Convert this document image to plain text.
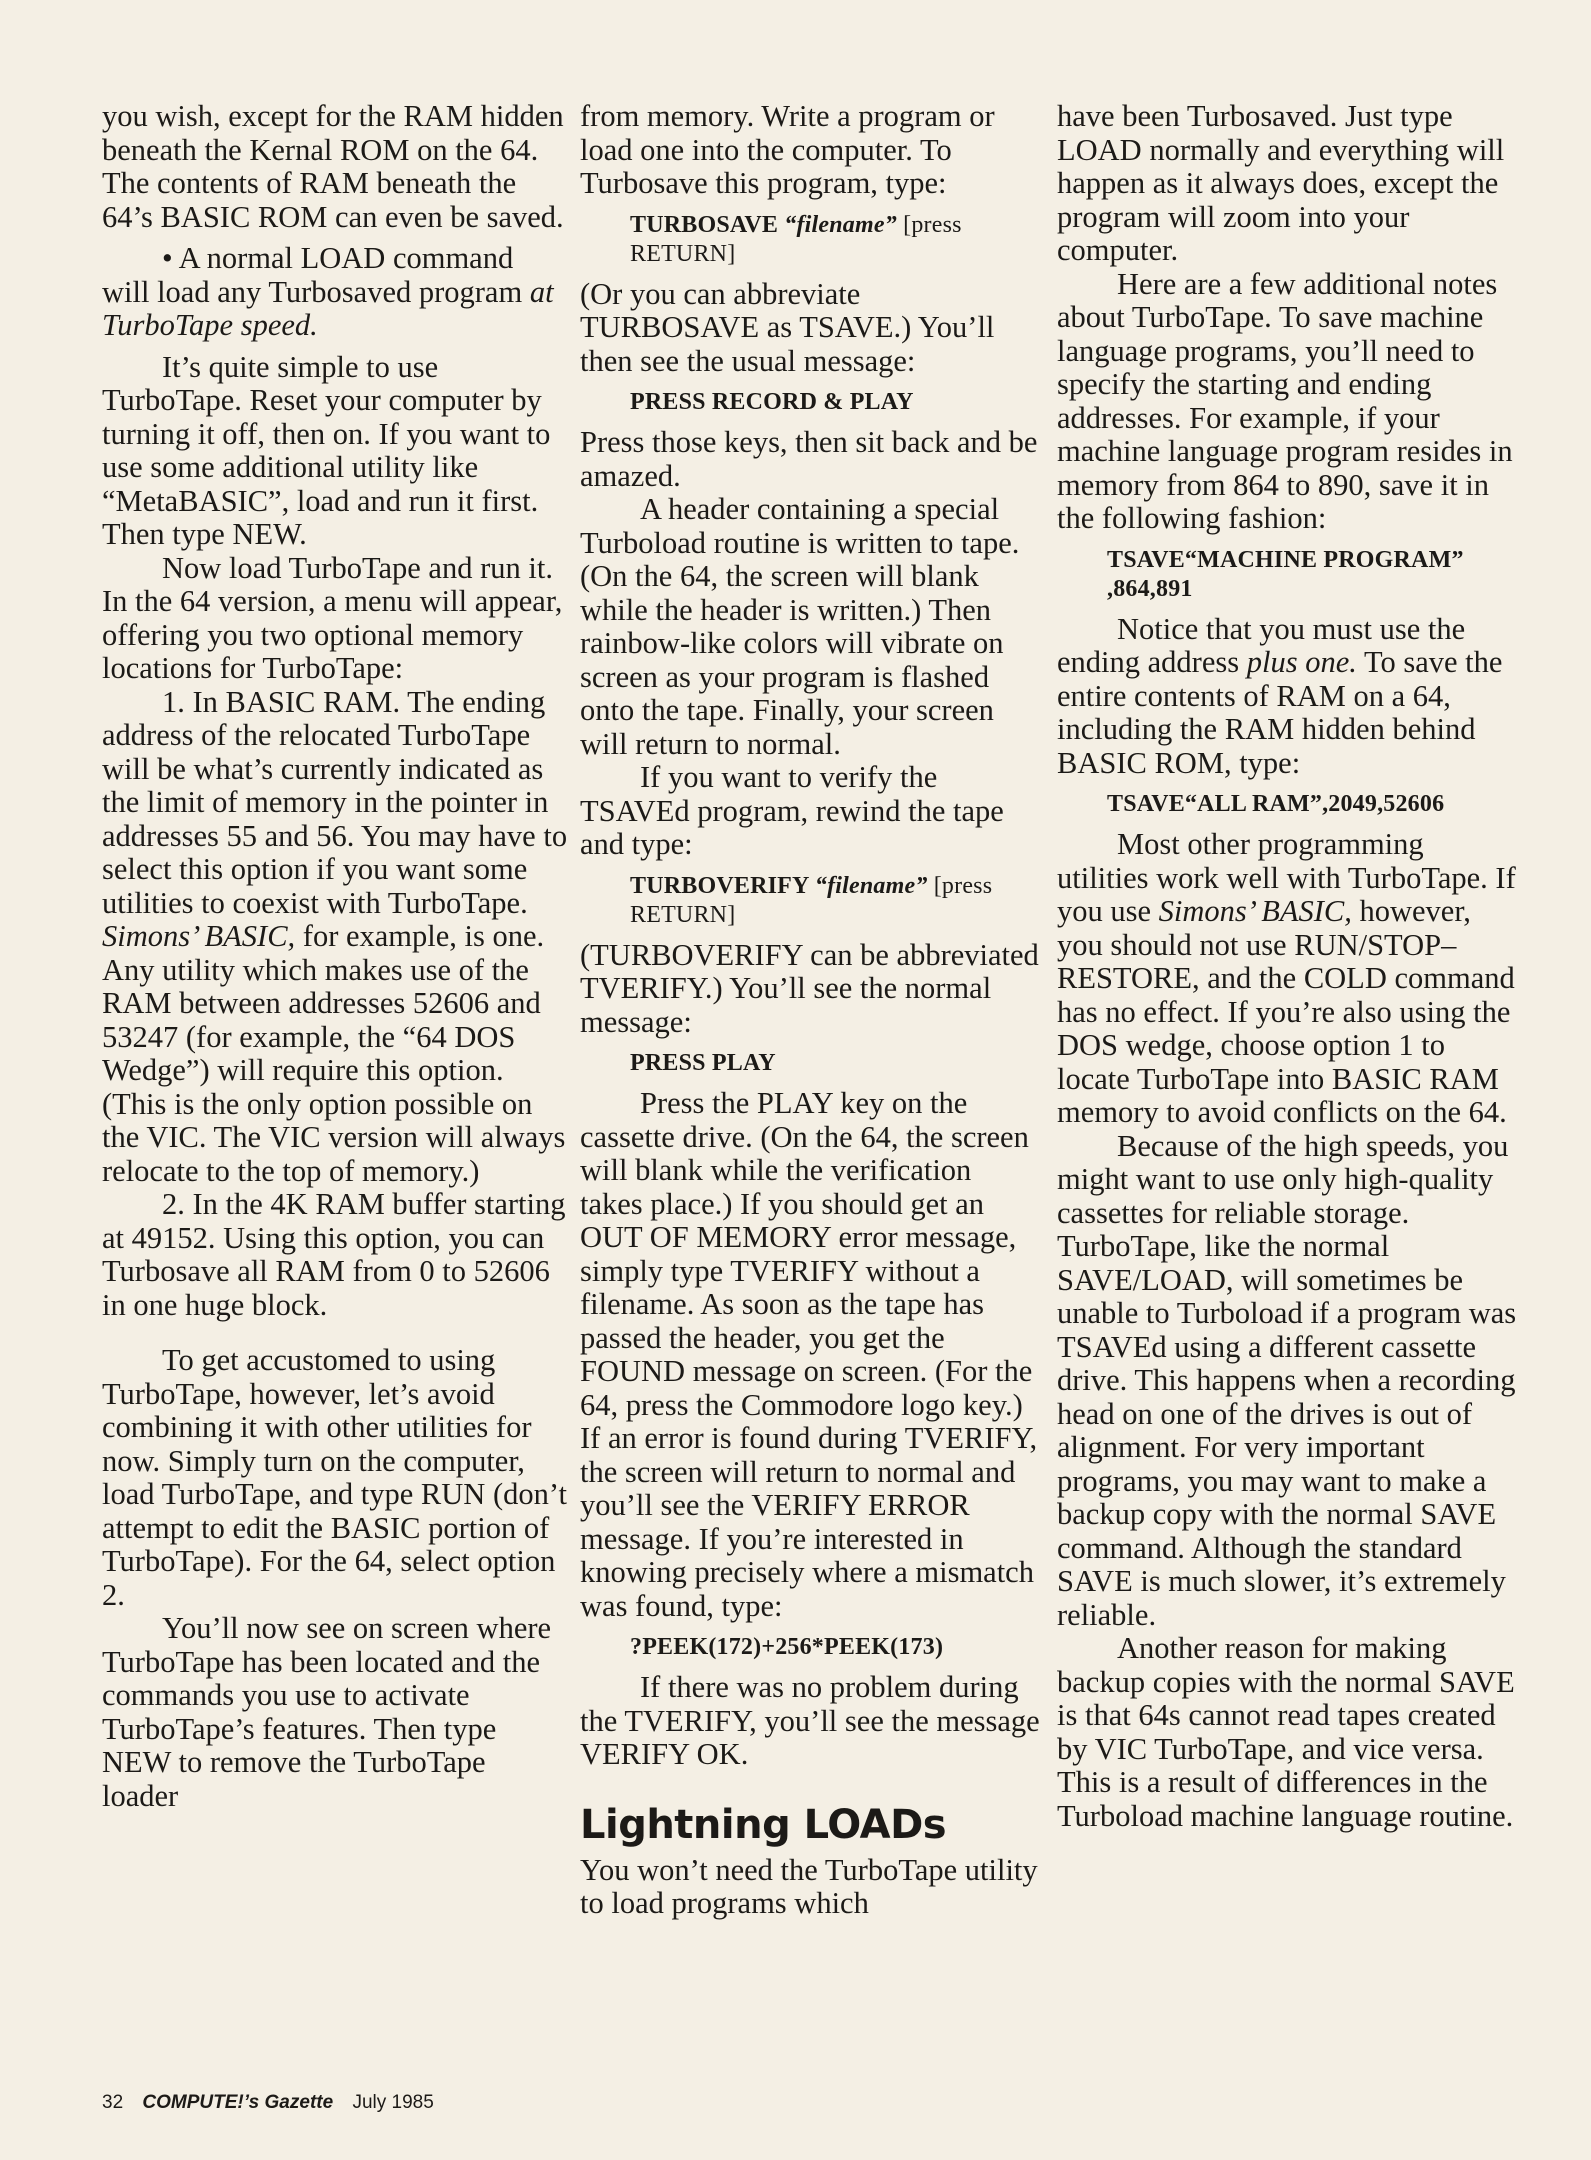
you wish, except for the RAM hidden beneath the Kernal ROM on the 64. The contents of RAM beneath the 64’s BASIC ROM can even be saved.

• A normal LOAD command will load any Turbosaved program at TurboTape speed.

It’s quite simple to use TurboTape. Reset your computer by turning it off, then on. If you want to use some additional utility like “MetaBASIC”, load and run it first. Then type NEW.

Now load TurboTape and run it. In the 64 version, a menu will appear, offering you two optional memory locations for TurboTape:

1. In BASIC RAM. The ending address of the relocated TurboTape will be what’s currently indicated as the limit of memory in the pointer in addresses 55 and 56. You may have to select this option if you want some utilities to coexist with TurboTape. Simons’ BASIC, for example, is one. Any utility which makes use of the RAM between addresses 52606 and 53247 (for example, the “64 DOS Wedge”) will require this option. (This is the only option possible on the VIC. The VIC version will always relocate to the top of memory.)

2. In the 4K RAM buffer starting at 49152. Using this option, you can Turbosave all RAM from 0 to 52606 in one huge block.

To get accustomed to using TurboTape, however, let’s avoid combining it with other utilities for now. Simply turn on the computer, load TurboTape, and type RUN (don’t attempt to edit the BASIC portion of TurboTape). For the 64, select option 2.

You’ll now see on screen where TurboTape has been located and the commands you use to activate TurboTape’s features. Then type NEW to remove the TurboTape loader

from memory. Write a program or load one into the computer. To Turbosave this program, type:

TURBOSAVE “filename” [press RETURN]

(Or you can abbreviate TURBOSAVE as TSAVE.) You’ll then see the usual message:

PRESS RECORD & PLAY

Press those keys, then sit back and be amazed.

A header containing a special Turboload routine is written to tape. (On the 64, the screen will blank while the header is written.) Then rainbow-like colors will vibrate on screen as your program is flashed onto the tape. Finally, your screen will return to normal.

If you want to verify the TSAVEd program, rewind the tape and type:

TURBOVERIFY “filename” [press RETURN]

(TURBOVERIFY can be abbreviated TVERIFY.) You’ll see the normal message:

PRESS PLAY

Press the PLAY key on the cassette drive. (On the 64, the screen will blank while the verification takes place.) If you should get an OUT OF MEMORY error message, simply type TVERIFY without a filename. As soon as the tape has passed the header, you get the FOUND message on screen. (For the 64, press the Commodore logo key.) If an error is found during TVERIFY, the screen will return to normal and you’ll see the VERIFY ERROR message. If you’re interested in knowing precisely where a mismatch was found, type:

?PEEK(172)+256*PEEK(173)

If there was no problem during the TVERIFY, you’ll see the message VERIFY OK.

Lightning LOADs

You won’t need the TurboTape utility to load programs which

have been Turbosaved. Just type LOAD normally and everything will happen as it always does, except the program will zoom into your computer.

Here are a few additional notes about TurboTape. To save machine language programs, you’ll need to specify the starting and ending addresses. For example, if your machine language program resides in memory from 864 to 890, save it in the following fashion:

TSAVE“MACHINE PROGRAM”
,864,891

Notice that you must use the ending address plus one. To save the entire contents of RAM on a 64, including the RAM hidden behind BASIC ROM, type:

TSAVE“ALL RAM”,2049,52606

Most other programming utilities work well with TurboTape. If you use Simons’ BASIC, however, you should not use RUN/STOP–RESTORE, and the COLD command has no effect. If you’re also using the DOS wedge, choose option 1 to locate TurboTape into BASIC RAM memory to avoid conflicts on the 64.

Because of the high speeds, you might want to use only high-quality cassettes for reliable storage. TurboTape, like the normal SAVE/LOAD, will sometimes be unable to Turboload if a program was TSAVEd using a different cassette drive. This happens when a recording head on one of the drives is out of alignment. For very important programs, you may want to make a backup copy with the normal SAVE command. Although the standard SAVE is much slower, it’s extremely reliable.

Another reason for making backup copies with the normal SAVE is that 64s cannot read tapes created by VIC TurboTape, and vice versa. This is a result of differences in the Turboload machine language routine.

32 COMPUTE!’s Gazette July 1985
